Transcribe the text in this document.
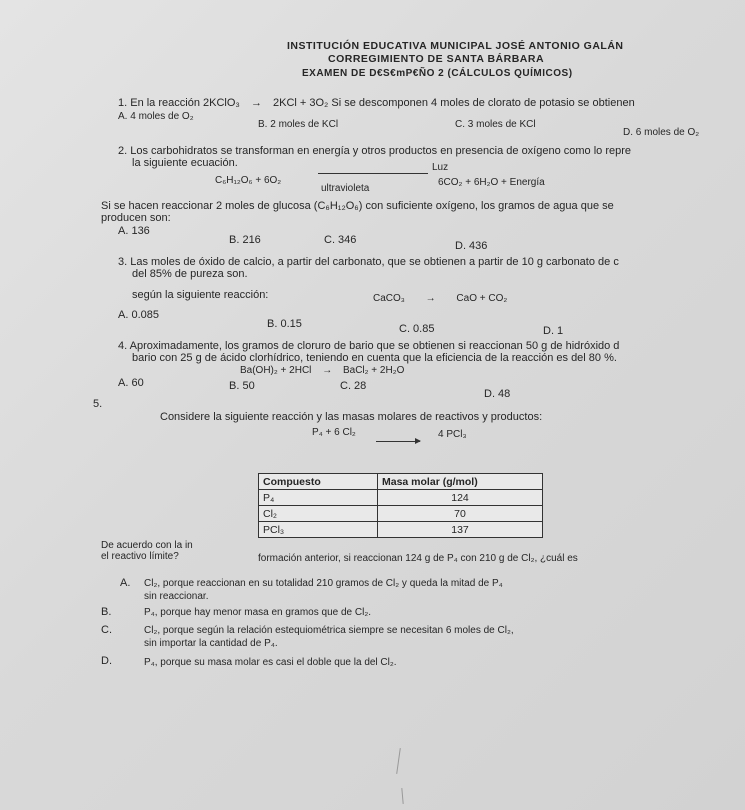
INSTITUCIÓN EDUCATIVA MUNICIPAL JOSÉ ANTONIO GALÁN
CORREGIMIENTO DE SANTA BÁRBARA
EXAMEN DE D€S€mP€ÑO 2 (CÁLCULOS QUÍMICOS)
1. En la reacción 2KClO₃ → 2KCl + 3O₂ Si se descomponen 4 moles de clorato de potasio se obtienen
A. 4 moles de O₂
B. 2 moles de KCl	C. 3 moles de KCl
D. 6 moles de O₂
2. Los carbohidratos se transforman en energía y otros productos en presencia de oxígeno como lo repre
la siguiente ecuación.	Luz
C₆H₁₂O₆ + 6O₂
ultravioleta
6CO₂ + 6H₂O + Energía
Si se hacen reaccionar 2 moles de glucosa (C₆H₁₂O₆) con suficiente oxígeno, los gramos de agua que se
producen son:
A. 136
B. 216	C. 346	D. 436
3. Las moles de óxido de calcio, a partir del carbonato, que se obtienen a partir de 10 g carbonato de c
del 85% de pureza son.
según la siguiente reacción:	CaCO₃ → CaO + CO₂
A. 0.085
B. 0.15	C. 0.85	D. 1
4. Aproximadamente, los gramos de cloruro de bario que se obtienen si reaccionan 50 g de hidróxido d
bario con 25 g de ácido clorhídrico, teniendo en cuenta que la eficiencia de la reacción es del 80 %.
Ba(OH)₂ + 2HCl → BaCl₂ + 2H₂O
A. 60	B. 50	C. 28
D. 48
5.
Considere la siguiente reacción y las masas molares de reactivos y productos:
P₄ + 6 Cl₂	4 PCl₃
Compuesto	Masa molar (g/mol)
P₄	124
Cl₂	70
PCl₃	137
De acuerdo con la in
formación anterior, si reaccionan 124 g de P₄ con 210 g de Cl₂, ¿cuál es
el reactivo límite?
A. Cl₂, porque reaccionan en su totalidad 210 gramos de Cl₂ y queda la mitad de P₄
sin reaccionar.
B.	P₄, porque hay menor masa en gramos que de Cl₂.
C.	Cl₂, porque según la relación estequiométrica siempre se necesitan 6 moles de Cl₂,
sin importar la cantidad de P₄.
D.	P₄, porque su masa molar es casi el doble que la del Cl₂.
